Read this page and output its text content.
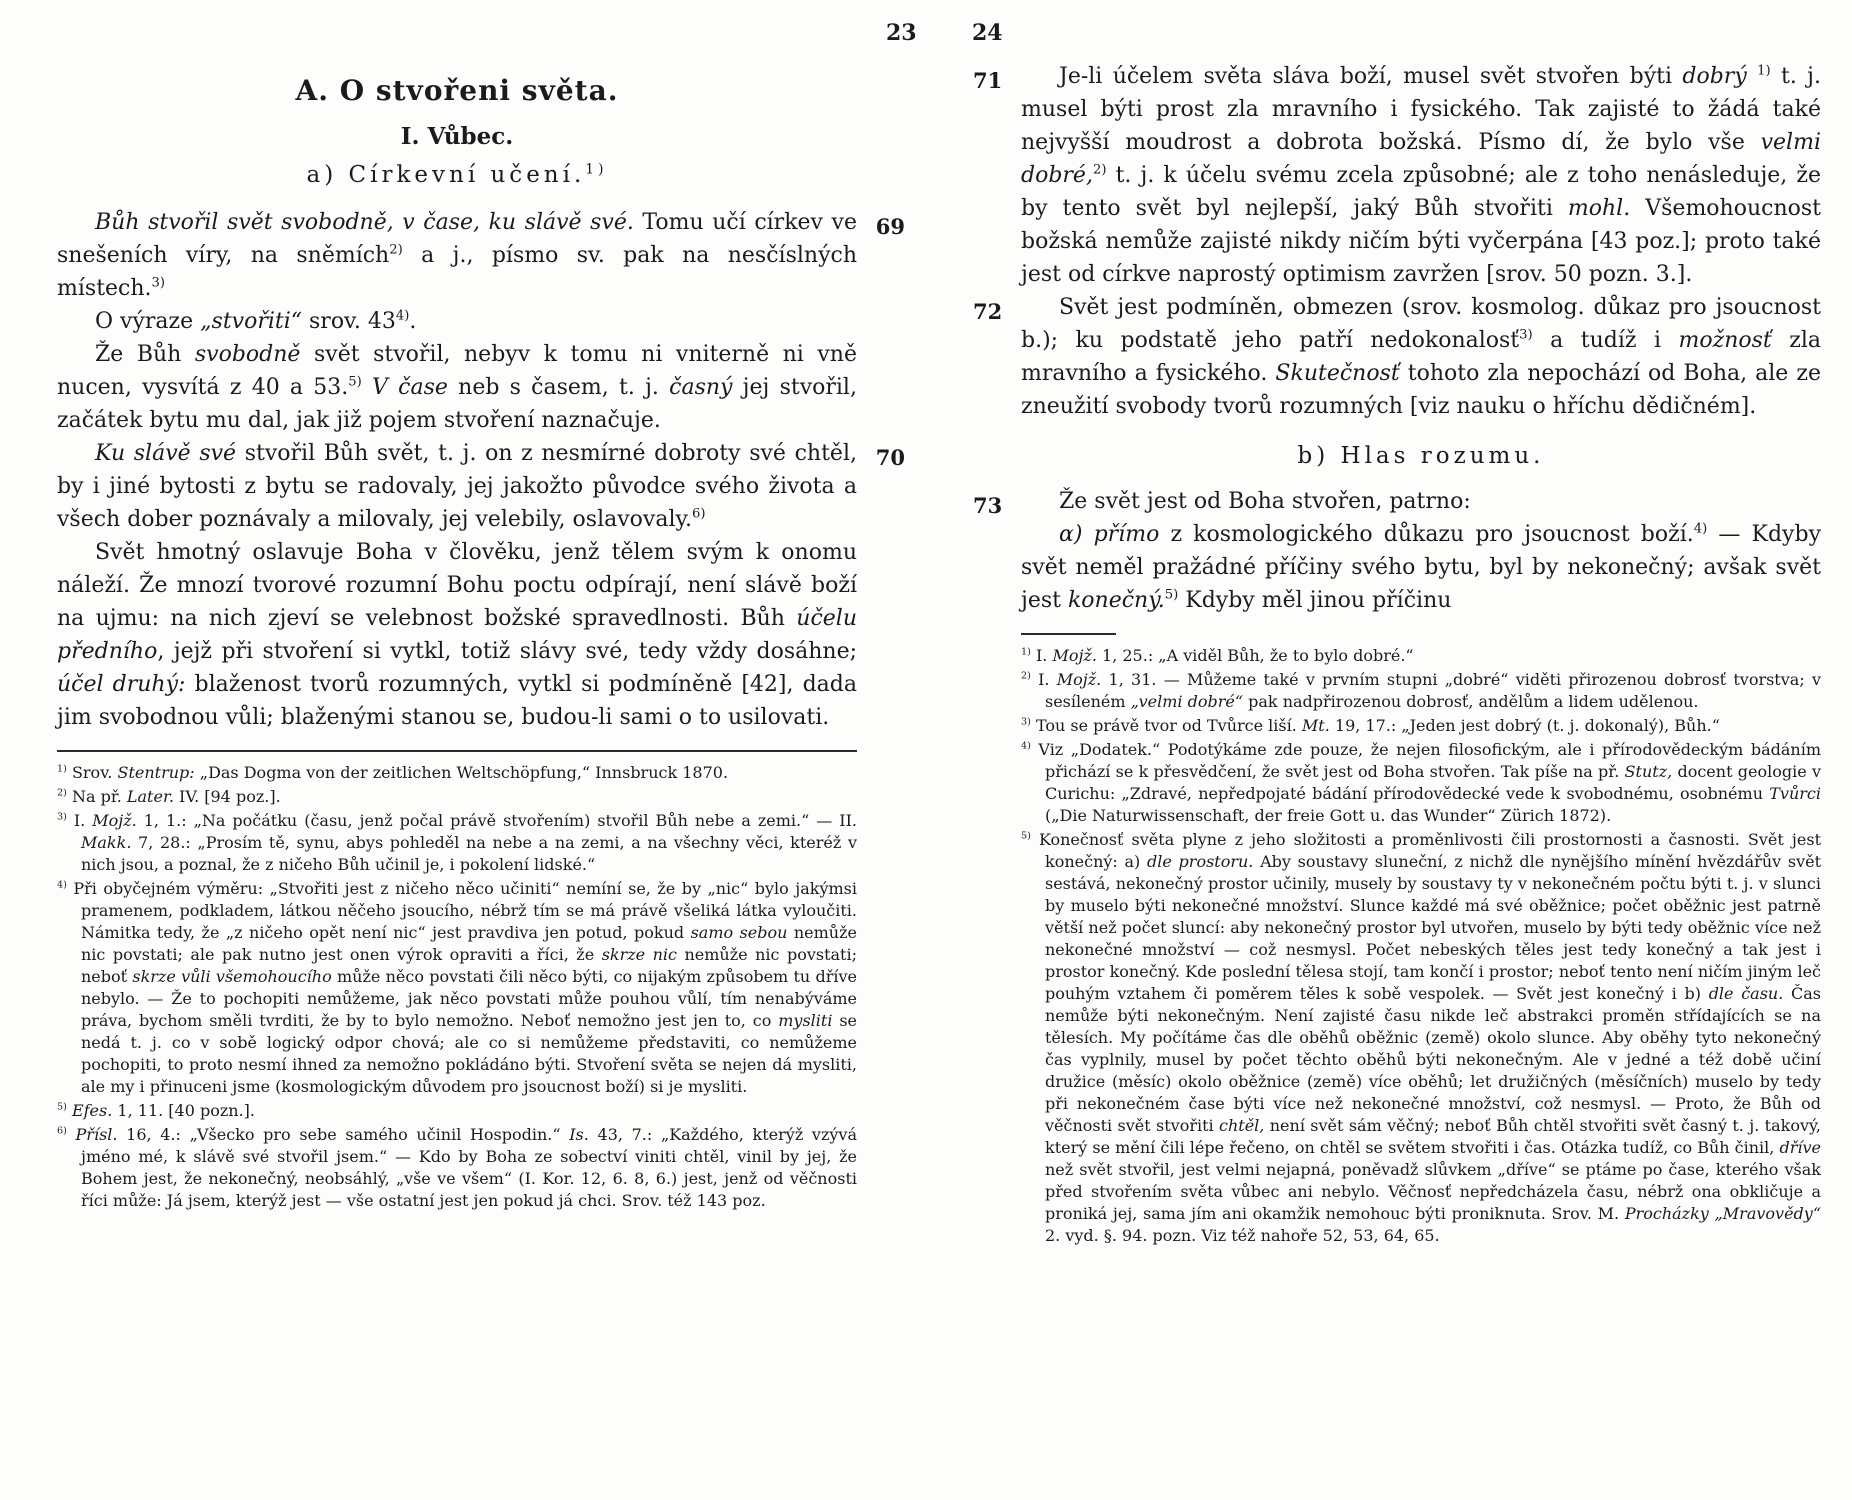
23	24
A. O stvořeni světa.
I. Vůbec.
a) Církevní učení.$^{1)}$

69
Bůh stvořil svět svobodně, v čase, ku slávě své. Tomu učí církev ve snešeních víry, na sněmích$^{2)}$ a j., písmo sv. pak na nesčíslných místech.$^{3)}$

O výraze „stvořiti“ srov. 43$^{4)}$.

Že Bůh svobodně svět stvořil, nebyv k tomu ni vniterně ni vně nucen, vysvítá z 40 a 53.$^{5)}$ V čase neb s časem, t. j. časný jej stvořil, začátek bytu mu dal, jak již pojem stvoření naznačuje.

70
Ku slávě své stvořil Bůh svět, t. j. on z nesmírné dobroty své chtěl, by i jiné bytosti z bytu se radovaly, jej jakožto původce svého života a všech dober poznávaly a milovaly, jej velebily, oslavovaly.$^{6)}$

Svět hmotný oslavuje Boha v člověku, jenž tělem svým k onomu náleží. Že mnozí tvorové rozumní Bohu poctu odpírají, není slávě boží na ujmu: na nich zjeví se velebnost božské spravedlnosti. Bůh účelu předního, jejž při stvoření si vytkl, totiž slávy své, tedy vždy dosáhne; účel druhý: blaženost tvorů rozumných, vytkl si podmíněně [42], dada jim svobodnou vůli; blaženými stanou se, budou-li sami o to usilovati.

$^{1)}$ Srov. Stentrup: „Das Dogma von der zeitlichen Weltschöpfung,“ Innsbruck 1870.
$^{2)}$ Na př. Later. IV. [94 poz.].
$^{3)}$ I. Mojž. 1, 1.: „Na počátku (času, jenž počal právě stvořením) stvořil Bůh nebe a zemi.“ — II. Makk. 7, 28.: „Prosím tě, synu, abys pohleděl na nebe a na zemi, a na všechny věci, kteréž v nich jsou, a poznal, že z ničeho Bůh učinil je, i pokolení lidské.“
$^{4)}$ Při obyčejném výměru: „Stvořiti jest z ničeho něco učiniti“ nemíní se, že by „nic“ bylo jakýmsi pramenem, podkladem, látkou něčeho jsoucího, nébrž tím se má právě všeliká látka vyloučiti. Námitka tedy, že „z ničeho opět není nic“ jest pravdiva jen potud, pokud samo sebou nemůže nic povstati; ale pak nutno jest onen výrok opraviti a říci, že skrze nic nemůže nic povstati; neboť skrze vůli všemohoucího může něco povstati čili něco býti, co nijakým způsobem tu dříve nebylo. — Že to pochopiti nemůžeme, jak něco povstati může pouhou vůlí, tím nenabýváme práva, bychom směli tvrditi, že by to bylo nemožno. Neboť nemožno jest jen to, co mysliti se nedá t. j. co v sobě logický odpor chová; ale co si nemůžeme představiti, co nemůžeme pochopiti, to proto nesmí ihned za nemožno pokládáno býti. Stvoření světa se nejen dá mysliti, ale my i přinuceni jsme (kosmologickým důvodem pro jsoucnost boží) si je mysliti.
$^{5)}$ Efes. 1, 11. [40 pozn.].
$^{6)}$ Přísl. 16, 4.: „Všecko pro sebe samého učinil Hospodin.“ Is. 43, 7.: „Každého, kterýž vzývá jméno mé, k slávě své stvořil jsem.“ — Kdo by Boha ze sobectví viniti chtěl, vinil by jej, že Bohem jest, že nekonečný, neobsáhlý, „vše ve všem“ (I. Kor. 12, 6. 8, 6.) jest, jenž od věčnosti říci může: Já jsem, kterýž jest — vše ostatní jest jen pokud já chci. Srov. též 143 poz.

71	Je-li účelem světa sláva boží, musel svět stvořen býti dobrý $^{1)}$ t. j. musel býti prost zla mravního i fysického. Tak zajisté to žádá také nejvyšší moudrost a dobrota božská. Písmo dí, že bylo vše velmi dobré,$^{2)}$ t. j. k účelu svému zcela způsobné; ale z toho nenásleduje, že by tento svět byl nejlepší, jaký Bůh stvořiti mohl. Všemohoucnost božská nemůže zajisté nikdy ničím býti vyčerpána [43 poz.]; proto také jest od církve naprostý optimism zavržen [srov. 50 pozn. 3.].

72	Svět jest podmíněn, obmezen (srov. kosmolog. důkaz pro jsoucnost b.); ku podstatě jeho patří nedokonalosť$^{3)}$ a tudíž i možnosť zla mravního a fysického. Skutečnosť tohoto zla nepochází od Boha, ale ze zneužití svobody tvorů rozumných [viz nauku o hříchu dědičném].

b) Hlas rozumu.

73	Že svět jest od Boha stvořen, patrno:

α) přímo z kosmologického důkazu pro jsoucnost boží.$^{4)}$ — Kdyby svět neměl pražádné příčiny svého bytu, byl by nekonečný; avšak svět jest konečný.$^{5)}$ Kdyby měl jinou příčinu

$^{1)}$ I. Mojž. 1, 25.: „A viděl Bůh, že to bylo dobré.“
$^{2)}$ I. Mojž. 1, 31. — Můžeme také v prvním stupni „dobré“ viděti přirozenou dobrosť tvorstva; v sesíleném „velmi dobré“ pak nadpřirozenou dobrosť, andělům a lidem udělenou.
$^{3)}$ Tou se právě tvor od Tvůrce liší. Mt. 19, 17.: „Jeden jest dobrý (t. j. dokonalý), Bůh.“
$^{4)}$ Viz „Dodatek.“ Podotýkáme zde pouze, že nejen filosofickým, ale i přírodovědeckým bádáním přichází se k přesvědčení, že svět jest od Boha stvořen. Tak píše na př. Stutz, docent geologie v Curichu: „Zdravé, nepředpojaté bádání přírodovědecké vede k svobodnému, osobnému Tvůrci („Die Naturwissenschaft, der freie Gott u. das Wunder“ Zürich 1872).
$^{5)}$ Konečnosť světa plyne z jeho složitosti a proměnlivosti čili prostornosti a časnosti. Svět jest konečný: a) dle prostoru. Aby soustavy sluneční, z nichž dle nynějšího mínění hvězdářův svět sestává, nekonečný prostor učinily, musely by soustavy ty v nekonečném počtu býti t. j. v slunci by muselo býti nekonečné množství. Slunce každé má své oběžnice; počet oběžnic jest patrně větší než počet sluncí: aby nekonečný prostor byl utvořen, muselo by býti tedy oběžnic více než nekonečné množství — což nesmysl. Počet nebeských těles jest tedy konečný a tak jest i prostor konečný. Kde poslední tělesa stojí, tam končí i prostor; neboť tento není ničím jiným leč pouhým vztahem či poměrem těles k sobě vespolek. — Svět jest konečný i b) dle času. Čas nemůže býti nekonečným. Není zajisté času nikde leč abstrakci proměn střídajících se na tělesích. My počítáme čas dle oběhů oběžnic (země) okolo slunce. Aby oběhy tyto nekonečný čas vyplnily, musel by počet těchto oběhů býti nekonečným. Ale v jedné a též době učiní družice (měsíc) okolo oběžnice (země) více oběhů; let družičných (měsíčních) muselo by tedy při nekonečném čase býti více než nekonečné množství, což nesmysl. — Proto, že Bůh od věčnosti svět stvořiti chtěl, není svět sám věčný; neboť Bůh chtěl stvořiti svět časný t. j. takový, který se mění čili lépe řečeno, on chtěl se světem stvořiti i čas. Otázka tudíž, co Bůh činil, dříve než svět stvořil, jest velmi nejapná, poněvadž slůvkem „dříve“ se ptáme po čase, kterého však před stvořením světa vůbec ani nebylo. Věčnosť nepředcházela času, nébrž ona obkličuje a proniká jej, sama jím ani okamžik nemohouc býti proniknuta. Srov. M. Procházky „Mravovědy“ 2. vyd. §. 94. pozn. Viz též nahoře 52, 53, 64, 65.
